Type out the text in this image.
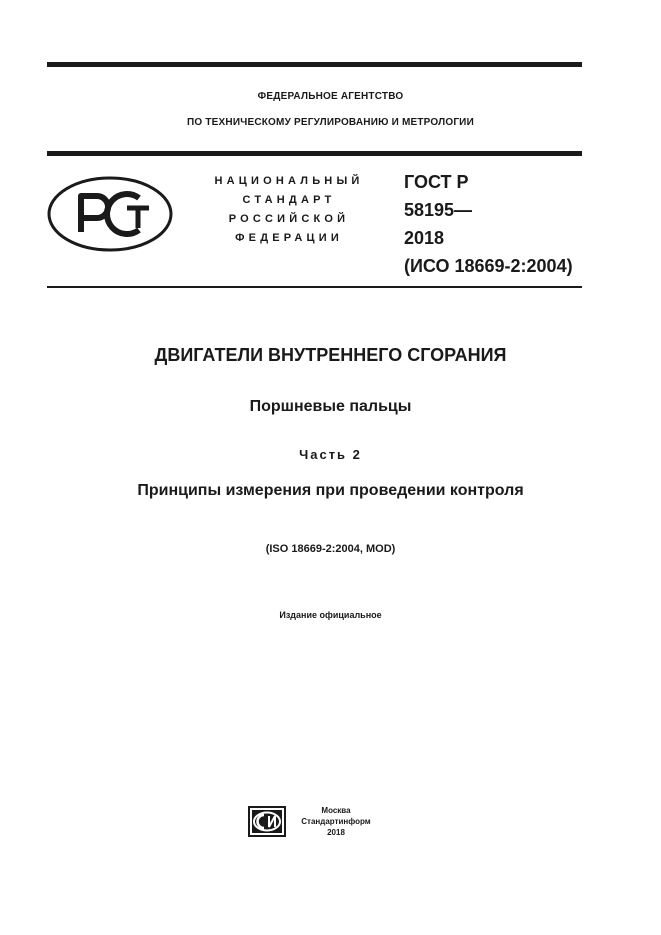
ФЕДЕРАЛЬНОЕ АГЕНТСТВО
ПО ТЕХНИЧЕСКОМУ РЕГУЛИРОВАНИЮ И МЕТРОЛОГИИ
НАЦИОНАЛЬНЫЙ
СТАНДАРТ
РОССИЙСКОЙ
ФЕДЕРАЦИИ
ГОСТ Р
58195—
2018
(ИСО 18669-2:2004)
ДВИГАТЕЛИ ВНУТРЕННЕГО СГОРАНИЯ
Поршневые пальцы
Часть 2
Принципы измерения при проведении контроля
(ISO 18669-2:2004, MOD)
Издание официальное
Москва
Стандартинформ
2018
